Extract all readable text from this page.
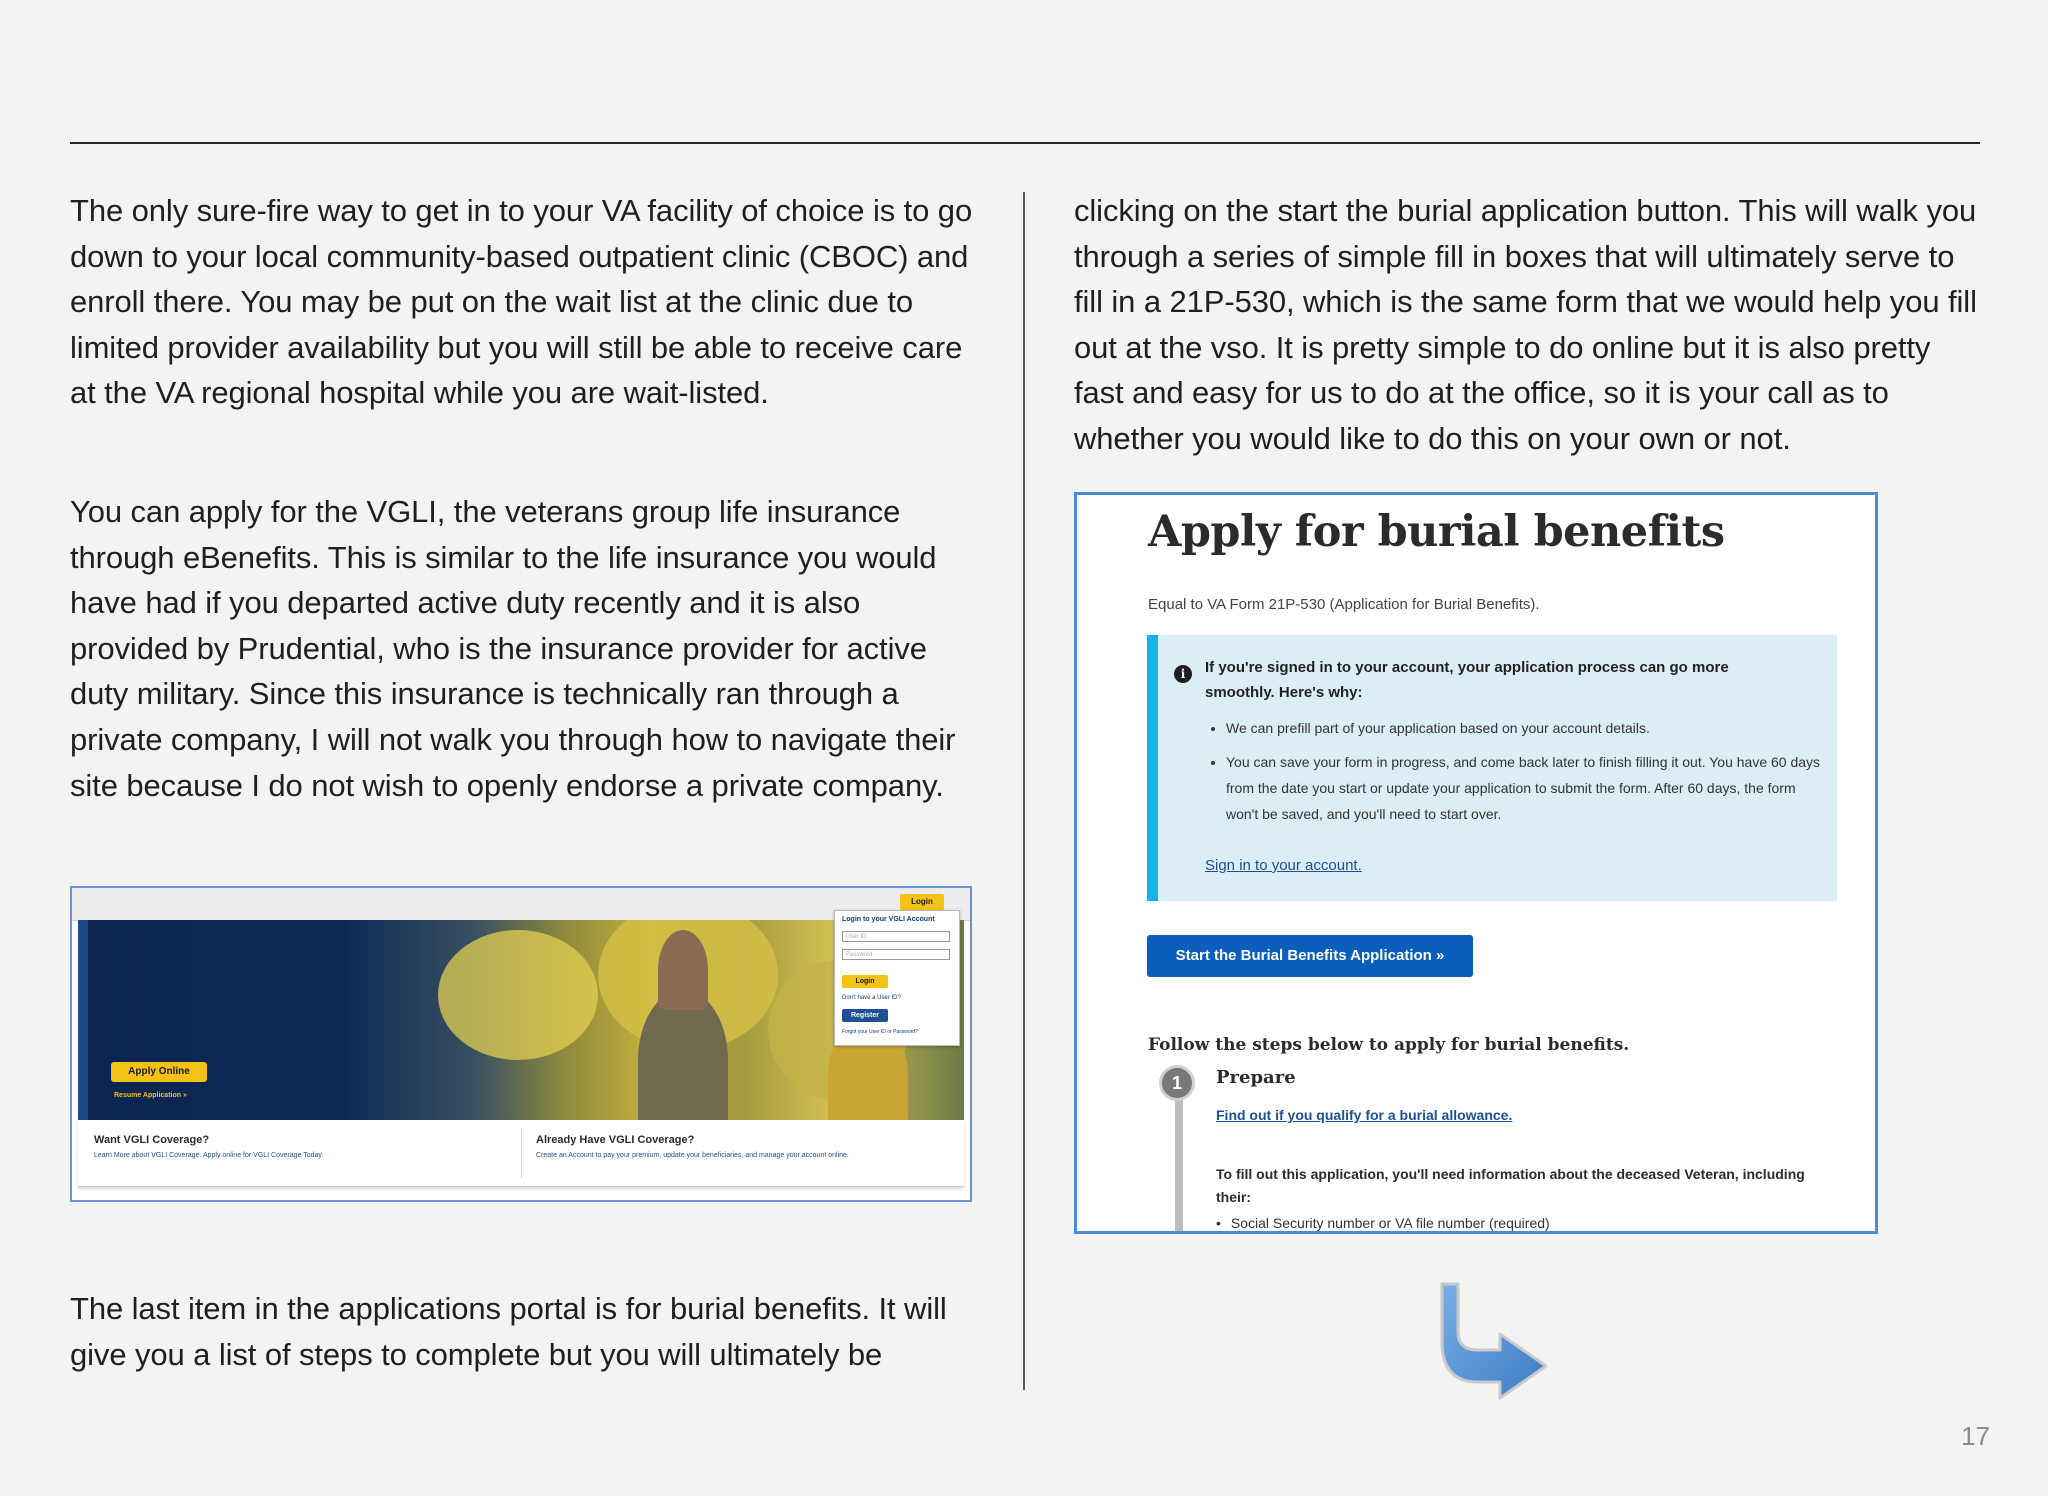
The only sure-fire way to get in to your VA facility of choice is to go down to your local community-based outpatient clinic (CBOC) and enroll there. You may be put on the wait list at the clinic due to limited provider availability but you will still be able to receive care at the VA regional hospital while you are wait-listed.

You can apply for the VGLI, the veterans group life insurance through eBenefits. This is similar to the life insurance you would have had if you departed active duty recently and it is also provided by Prudential, who is the insurance provider for active duty military. Since this insurance is technically ran through a private company, I will not walk you through how to navigate their site because I do not wish to openly endorse a private company.

Login
Apply Online
Resume Application »
Login to your VGLI Account
User ID
Password
Login
Don't have a User ID?
Register
Forgot your User ID or Password?
Want VGLI Coverage?

Learn More about VGLI Coverage. Apply online for VGLI Coverage Today.

Already Have VGLI Coverage?

Create an Account to pay your premium, update your beneficiaries, and manage your account online.

The last item in the applications portal is for burial benefits. It will give you a list of steps to complete but you will ultimately be

clicking on the start the burial application button. This will walk you through a series of simple fill in boxes that will ultimately serve to fill in a 21P-530, which is the same form that we would help you fill out at the vso. It is pretty simple to do online but it is also pretty fast and easy for us to do at the office, so it is your call as to whether you would like to do this on your own or not.

Apply for burial benefits
Equal to VA Form 21P-530 (Application for Burial Benefits).
i	If you're signed in to your account, your application process can go more smoothly. Here's why:

• We can prefill part of your application based on your account details.
• You can save your form in progress, and come back later to finish filling it out. You have 60 days from the date you start or update your application to submit the form. After 60 days, the form won't be saved, and you'll need to start over.
Sign in to your account.
Start the Burial Benefits Application »
Follow the steps below to apply for burial benefits.
1	Prepare
Find out if you qualify for a burial allowance.

To fill out this application, you'll need information about the deceased Veteran, including their:

• Social Security number or VA file number (required)
17
